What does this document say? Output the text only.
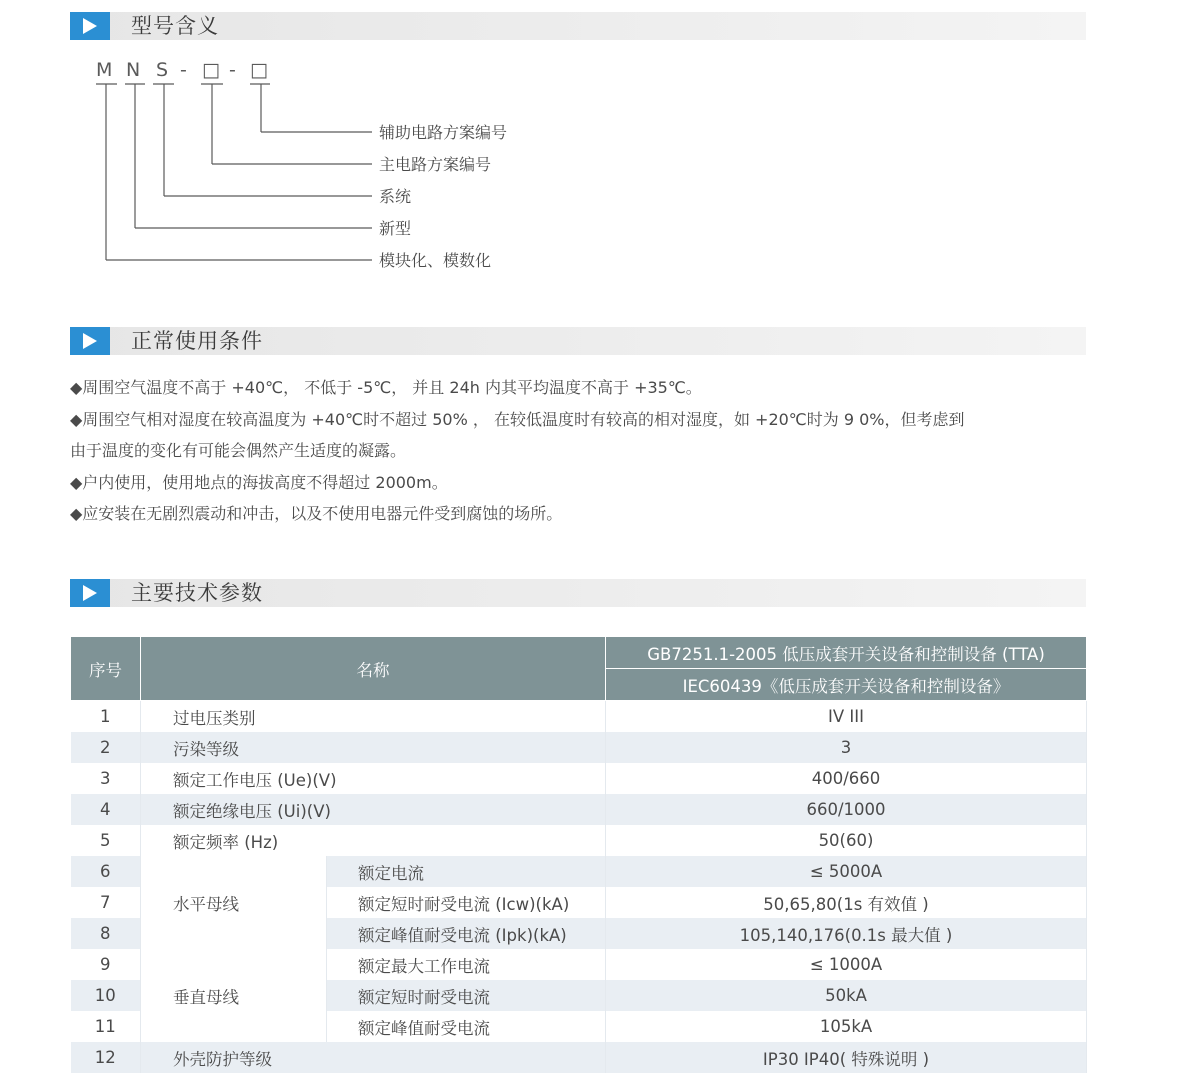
型号含义
M N S - □ - □
辅助电路方案编号
主电路方案编号
系统
新型
模块化、模数化
正常使用条件

◆周围空气温度不高于 +40℃， 不低于 -5℃， 并且 24h 内其平均温度不高于 +35℃。

◆周围空气相对湿度在较高温度为 +40℃时不超过 50% ， 在较低温度时有较高的相对湿度，如 +20℃时为 9 0%，但考虑到

由于温度的变化有可能会偶然产生适度的凝露。

◆户内使用，使用地点的海拔高度不得超过 2000m。

◆应安装在无剧烈震动和冲击，以及不使用电器元件受到腐蚀的场所。

主要技术参数
序号	名称		GB7251.1-2005 低压成套开关设备和控制设备 (TTA)
			IEC60439《低压成套开关设备和控制设备》
1	过电压类别		IV III
2	污染等级		3
3	额定工作电压 (Ue)(V)		400/660
4	额定绝缘电压 (Ui)(V)		660/1000
5	额定频率 (Hz)		50(60)
6	水平母线	额定电流	≤ 5000A
7		额定短时耐受电流 (Icw)(kA)	50,65,80(1s 有效值 )
8		额定峰值耐受电流 (Ipk)(kA)	105,140,176(0.1s 最大值 )
9	垂直母线	额定最大工作电流	≤ 1000A
10		额定短时耐受电流	50kA
11		额定峰值耐受电流	105kA
12	外壳防护等级		IP30 IP40( 特殊说明 )
